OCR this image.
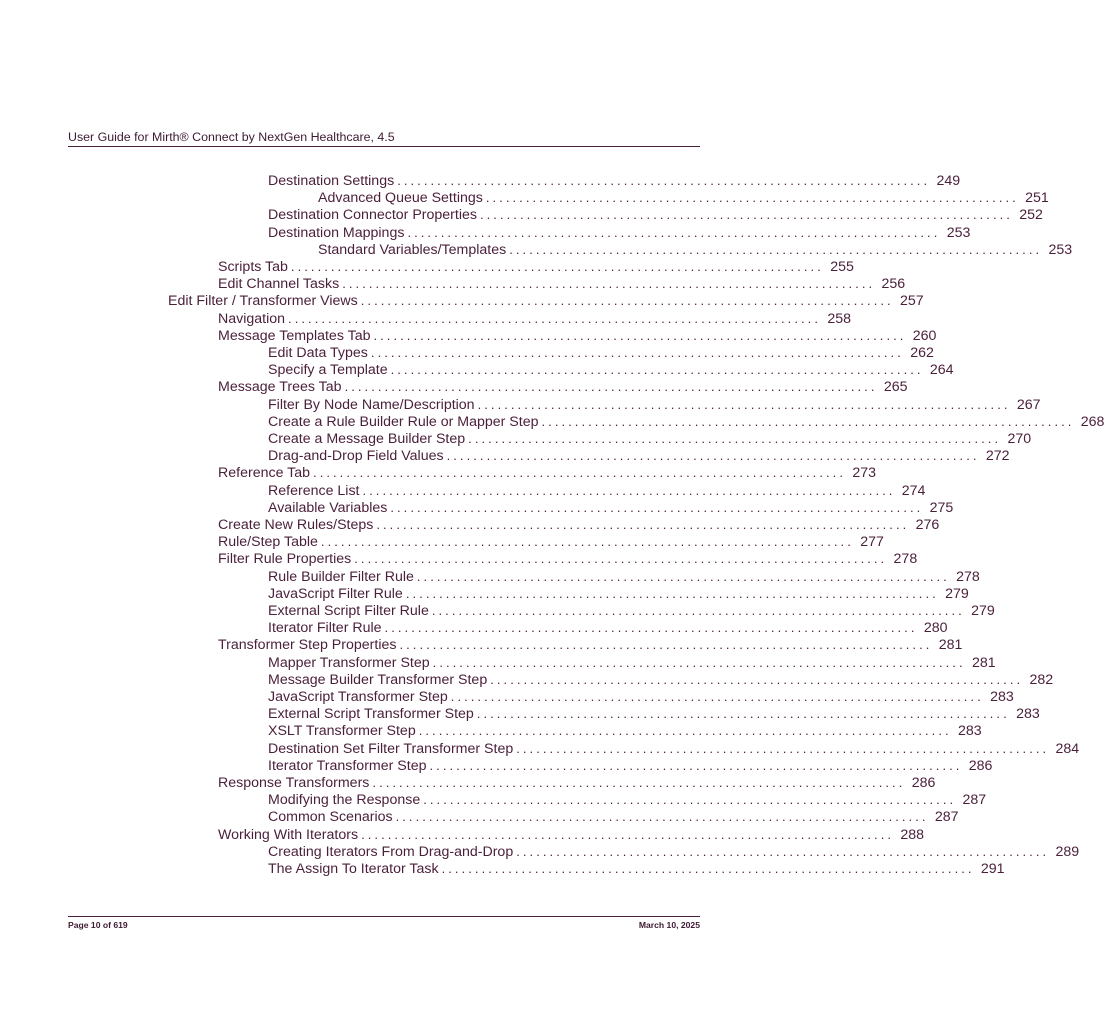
User Guide for Mirth® Connect by NextGen Healthcare, 4.5
Destination Settings ................................................................................ 249
Advanced Queue Settings ................................................................................ 251
Destination Connector Properties ................................................................................ 252
Destination Mappings ................................................................................ 253
Standard Variables/Templates ................................................................................ 253
Scripts Tab ................................................................................ 255
Edit Channel Tasks ................................................................................ 256
Edit Filter / Transformer Views ................................................................................ 257
Navigation ................................................................................ 258
Message Templates Tab ................................................................................ 260
Edit Data Types ................................................................................ 262
Specify a Template ................................................................................ 264
Message Trees Tab ................................................................................ 265
Filter By Node Name/Description ................................................................................ 267
Create a Rule Builder Rule or Mapper Step ................................................................................ 268
Create a Message Builder Step ................................................................................ 270
Drag-and-Drop Field Values ................................................................................ 272
Reference Tab ................................................................................ 273
Reference List ................................................................................ 274
Available Variables ................................................................................ 275
Create New Rules/Steps ................................................................................ 276
Rule/Step Table ................................................................................ 277
Filter Rule Properties ................................................................................ 278
Rule Builder Filter Rule ................................................................................ 278
JavaScript Filter Rule ................................................................................ 279
External Script Filter Rule ................................................................................ 279
Iterator Filter Rule ................................................................................ 280
Transformer Step Properties ................................................................................ 281
Mapper Transformer Step ................................................................................ 281
Message Builder Transformer Step ................................................................................ 282
JavaScript Transformer Step ................................................................................ 283
External Script Transformer Step ................................................................................ 283
XSLT Transformer Step ................................................................................ 283
Destination Set Filter Transformer Step ................................................................................ 284
Iterator Transformer Step ................................................................................ 286
Response Transformers ................................................................................ 286
Modifying the Response ................................................................................ 287
Common Scenarios ................................................................................ 287
Working With Iterators ................................................................................ 288
Creating Iterators From Drag-and-Drop ................................................................................ 289
The Assign To Iterator Task ................................................................................ 291
Page 10 of 619	March 10, 2025
